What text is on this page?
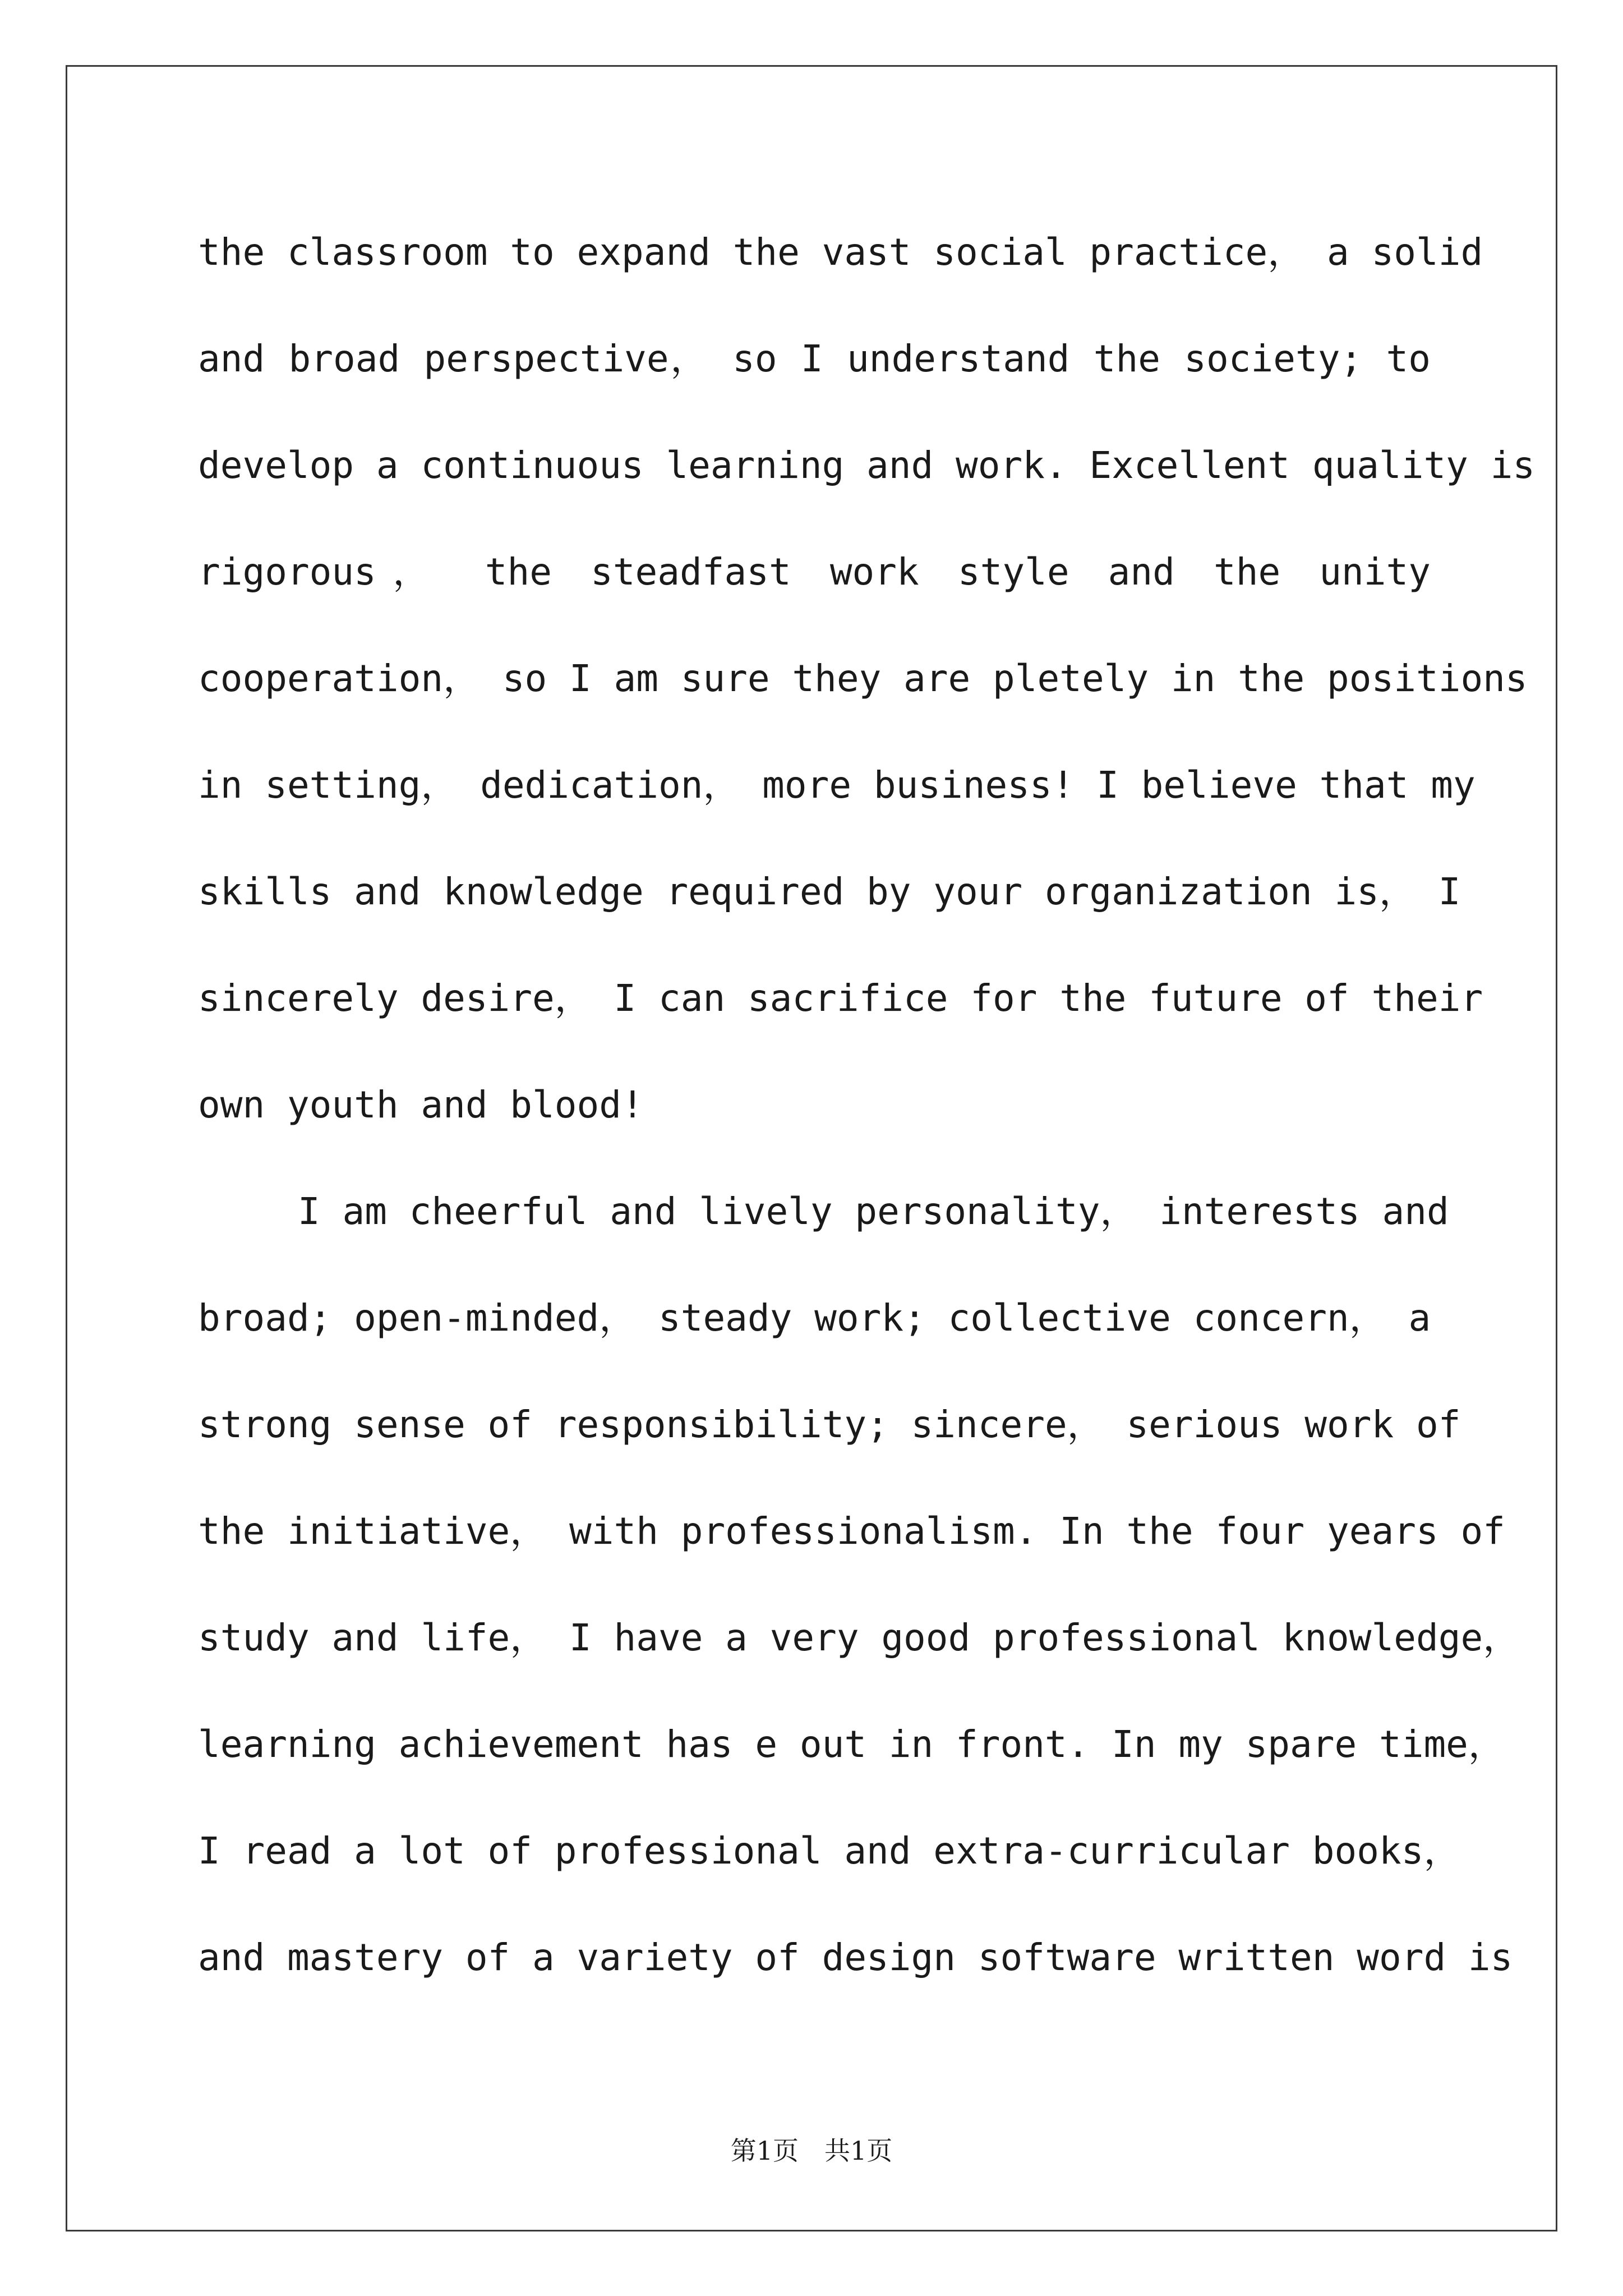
the classroom to expand the vast social practice， a solid
and broad perspective， so I understand the society; to
develop a continuous learning and work. Excellent quality is
rigorous， the steadfast work style and the unity
cooperation， so I am sure they are pletely in the positions
in setting， dedication， more business! I believe that my
skills and knowledge required by your organization is， I
sincerely desire， I can sacrifice for the future of their
own youth and blood!
I am cheerful and lively personality， interests and
broad; open-minded， steady work; collective concern， a
strong sense of responsibility; sincere， serious work of
the initiative， with professionalism. In the four years of
study and life， I have a very good professional knowledge，
learning achievement has e out in front. In my spare time，
I read a lot of professional and extra-curricular books，
and mastery of a variety of design software written word is
第1页　共1页
